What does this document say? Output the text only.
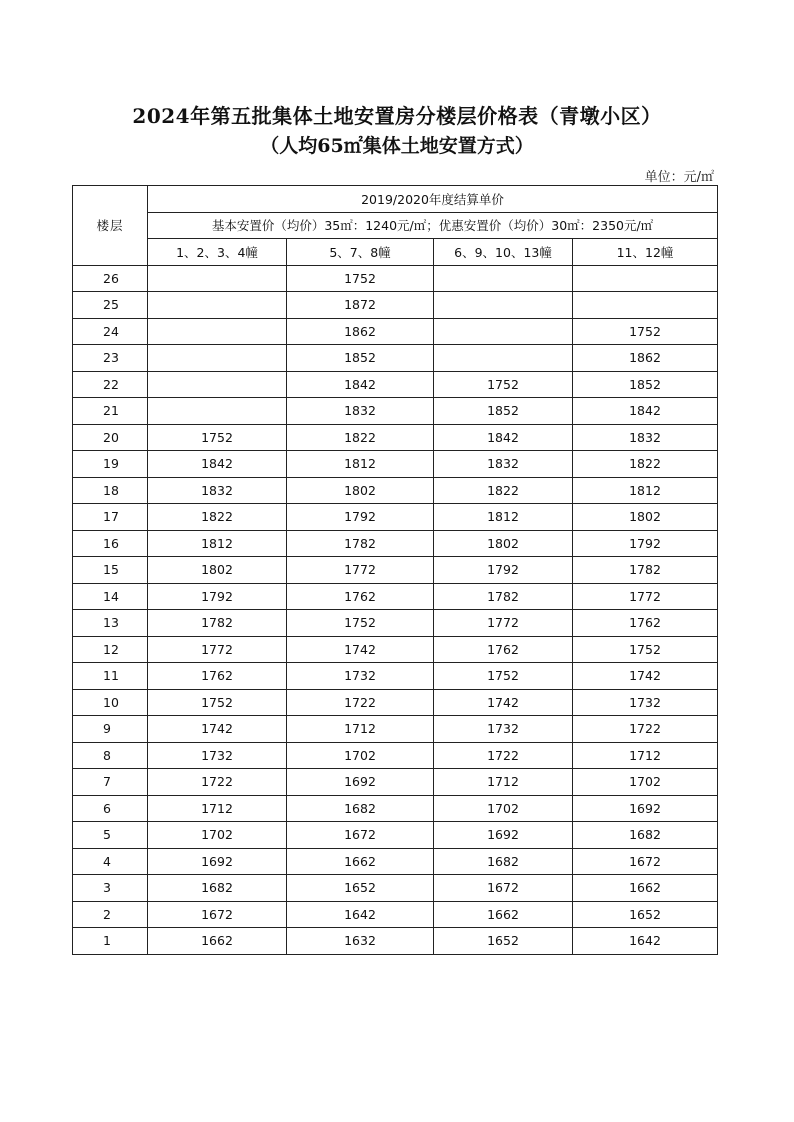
2024年第五批集体土地安置房分楼层价格表（青墩小区）
（人均65㎡集体土地安置方式）
单位：元/㎡
楼层	2019/2020年度结算单价			
	基本安置价（均价）35㎡：1240元/㎡；优惠安置价（均价）30㎡：2350元/㎡			
	1、2、3、4幢	5、7、8幢	6、9、10、13幢	11、12幢
26		1752		
25		1872		
24		1862		1752
23		1852		1862
22		1842	1752	1852
21		1832	1852	1842
20	1752	1822	1842	1832
19	1842	1812	1832	1822
18	1832	1802	1822	1812
17	1822	1792	1812	1802
16	1812	1782	1802	1792
15	1802	1772	1792	1782
14	1792	1762	1782	1772
13	1782	1752	1772	1762
12	1772	1742	1762	1752
11	1762	1732	1752	1742
10	1752	1722	1742	1732
9	1742	1712	1732	1722
8	1732	1702	1722	1712
7	1722	1692	1712	1702
6	1712	1682	1702	1692
5	1702	1672	1692	1682
4	1692	1662	1682	1672
3	1682	1652	1672	1662
2	1672	1642	1662	1652
1	1662	1632	1652	1642
